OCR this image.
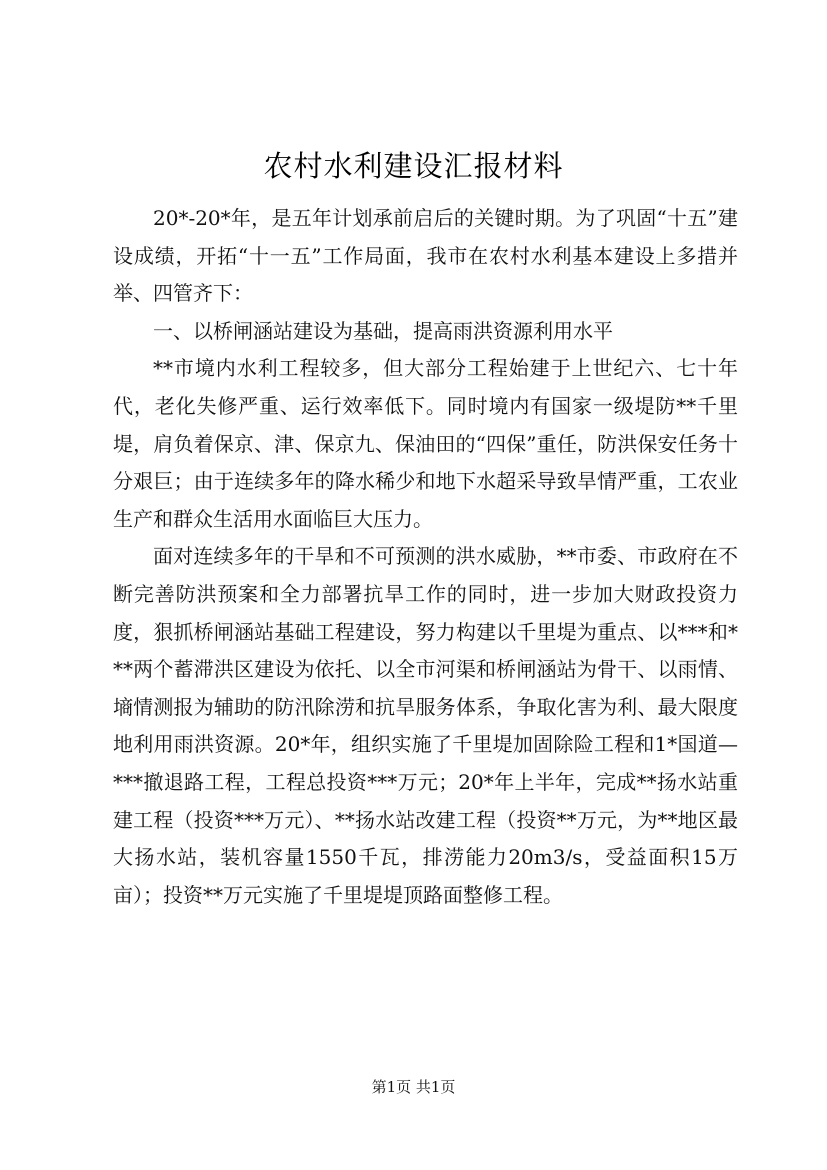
农村水利建设汇报材料

20*-20*年，是五年计划承前启后的关键时期。为了巩固“十五”建设成绩，开拓“十一五”工作局面，我市在农村水利基本建设上多措并举、四管齐下：

一、以桥闸涵站建设为基础，提高雨洪资源利用水平

**市境内水利工程较多，但大部分工程始建于上世纪六、七十年代，老化失修严重、运行效率低下。同时境内有国家一级堤防**千里堤，肩负着保京、津、保京九、保油田的“四保”重任，防洪保安任务十分艰巨；由于连续多年的降水稀少和地下水超采导致旱情严重，工农业生产和群众生活用水面临巨大压力。

面对连续多年的干旱和不可预测的洪水威胁，**市委、市政府在不断完善防洪预案和全力部署抗旱工作的同时，进一步加大财政投资力度，狠抓桥闸涵站基础工程建设，努力构建以千里堤为重点、以***和***两个蓄滞洪区建设为依托、以全市河渠和桥闸涵站为骨干、以雨情、墒情测报为辅助的防汛除涝和抗旱服务体系，争取化害为利、最大限度地利用雨洪资源。20*年，组织实施了千里堤加固除险工程和1*国道—***撤退路工程，工程总投资***万元；20*年上半年，完成**扬水站重建工程（投资***万元）、**扬水站改建工程（投资**万元，为**地区最大扬水站，装机容量1550千瓦，排涝能力20m3/s，受益面积15万亩）；投资**万元实施了千里堤堤顶路面整修工程。

第1页 共1页
